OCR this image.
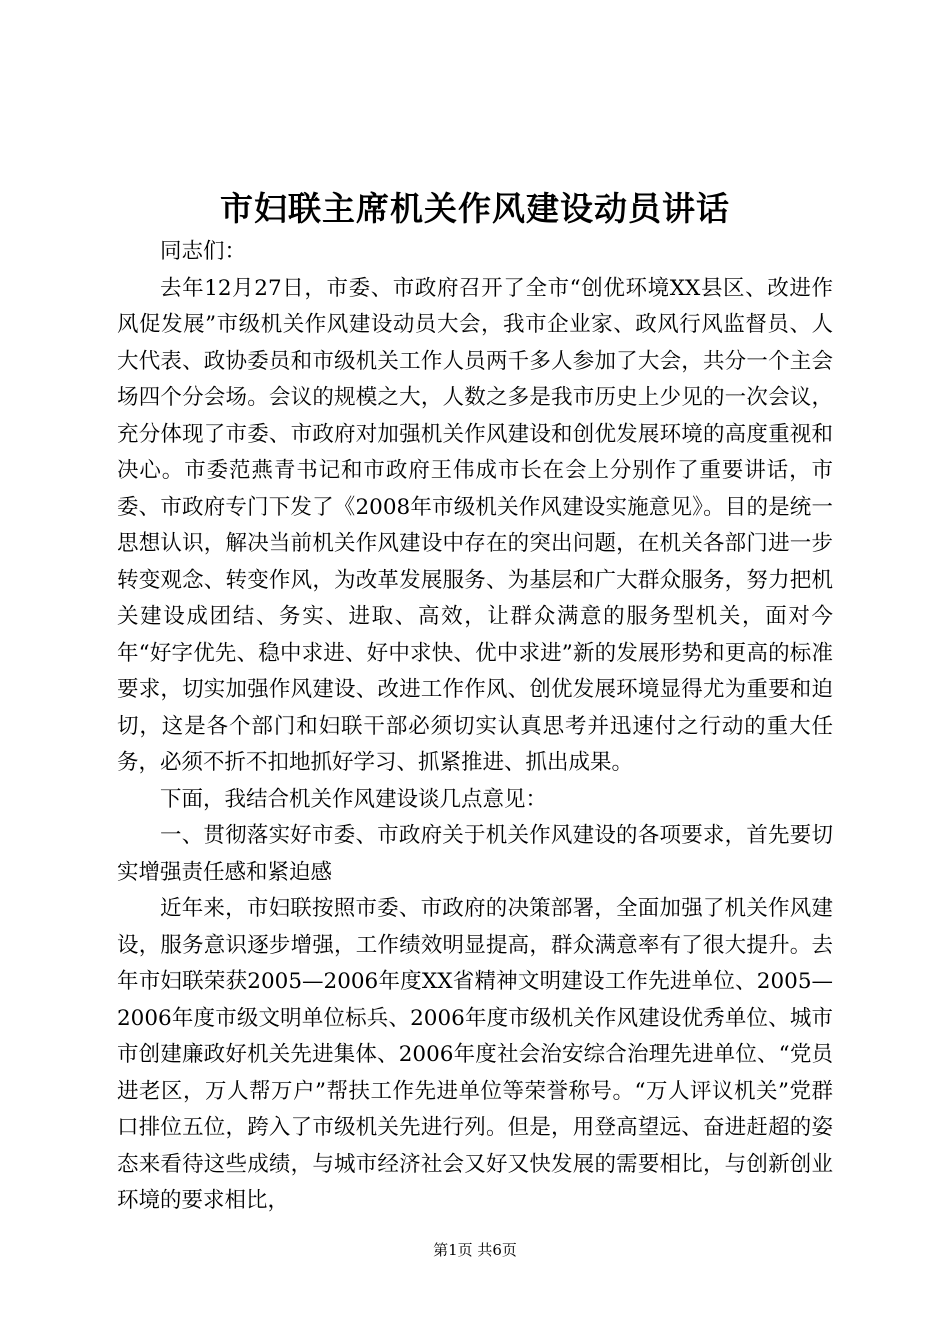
市妇联主席机关作风建设动员讲话

同志们：

去年12月27日，市委、市政府召开了全市“创优环境XX县区、改进作风促发展”市级机关作风建设动员大会，我市企业家、政风行风监督员、人大代表、政协委员和市级机关工作人员两千多人参加了大会，共分一个主会场四个分会场。会议的规模之大，人数之多是我市历史上少见的一次会议，充分体现了市委、市政府对加强机关作风建设和创优发展环境的高度重视和决心。市委范燕青书记和市政府王伟成市长在会上分别作了重要讲话，市委、市政府专门下发了《2008年市级机关作风建设实施意见》。目的是统一思想认识，解决当前机关作风建设中存在的突出问题，在机关各部门进一步转变观念、转变作风，为改革发展服务、为基层和广大群众服务，努力把机关建设成团结、务实、进取、高效，让群众满意的服务型机关，面对今年“好字优先、稳中求进、好中求快、优中求进”新的发展形势和更高的标准要求，切实加强作风建设、改进工作作风、创优发展环境显得尤为重要和迫切，这是各个部门和妇联干部必须切实认真思考并迅速付之行动的重大任务，必须不折不扣地抓好学习、抓紧推进、抓出成果。

下面，我结合机关作风建设谈几点意见：

一、贯彻落实好市委、市政府关于机关作风建设的各项要求，首先要切实增强责任感和紧迫感

近年来，市妇联按照市委、市政府的决策部署，全面加强了机关作风建设，服务意识逐步增强，工作绩效明显提高，群众满意率有了很大提升。去年市妇联荣获2005—2006年度XX省精神文明建设工作先进单位、2005—2006年度市级文明单位标兵、2006年度市级机关作风建设优秀单位、城市市创建廉政好机关先进集体、2006年度社会治安综合治理先进单位、“党员进老区，万人帮万户”帮扶工作先进单位等荣誉称号。“万人评议机关”党群口排位五位，跨入了市级机关先进行列。但是，用登高望远、奋进赶超的姿态来看待这些成绩，与城市经济社会又好又快发展的需要相比，与创新创业环境的要求相比，

第1页 共6页
